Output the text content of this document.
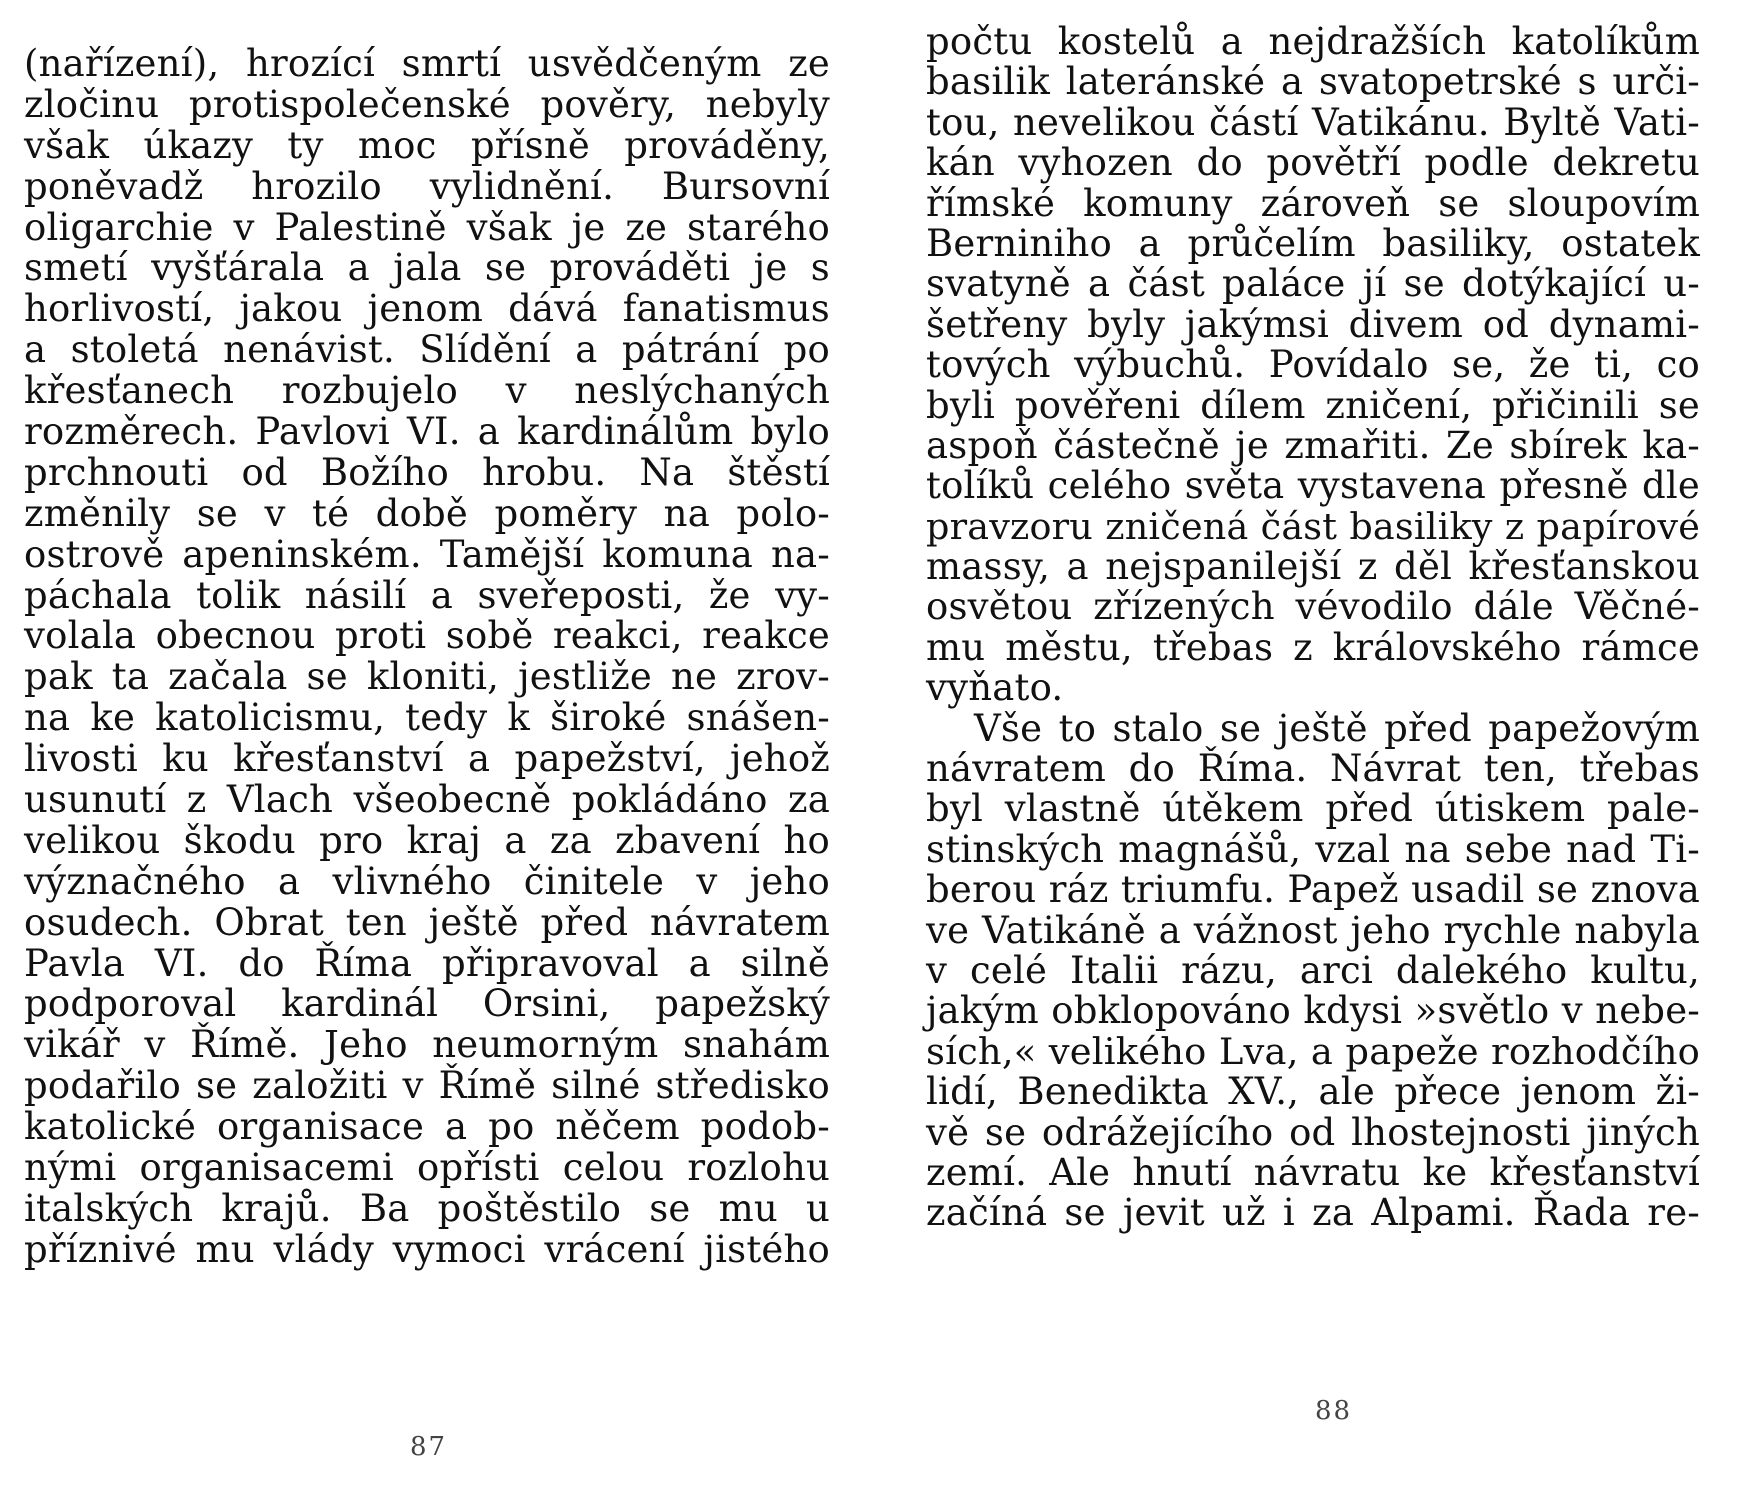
(nařízení), hrozící smrtí usvědčeným ze
zločinu protispolečenské pověry, nebyly
však úkazy ty moc přísně prováděny,
poněvadž hrozilo vylidnění. Bursovní
oligarchie v Palestině však je ze starého
smetí vyšťárala a jala se prováděti je s
horlivostí, jakou jenom dává fanatismus
a stoletá nenávist. Slídění a pátrání po
křesťanech rozbujelo v neslýchaných
rozměrech. Pavlovi VI. a kardinálům bylo
prchnouti od Božího hrobu. Na štěstí
změnily se v té době poměry na polo-
ostrově apeninském. Tamější komuna na-
páchala tolik násilí a sveřeposti, že vy-
volala obecnou proti sobě reakci, reakce
pak ta začala se kloniti, jestliže ne zrov-
na ke katolicismu, tedy k široké snášen-
livosti ku křesťanství a papežství, jehož
usunutí z Vlach všeobecně pokládáno za
velikou škodu pro kraj a za zbavení ho
význačného a vlivného činitele v jeho
osudech. Obrat ten ještě před návratem
Pavla VI. do Říma připravoval a silně
podporoval kardinál Orsini, papežský
vikář v Římě. Jeho neumorným snahám
podařilo se založiti v Římě silné středisko
katolické organisace a po něčem podob-
nými organisacemi opřísti celou rozlohu
italských krajů. Ba poštěstilo se mu u
příznivé mu vlády vymoci vrácení jistého
87
počtu kostelů a nejdražších katolíkům
basilik lateránské a svatopetrské s urči-
tou, nevelikou částí Vatikánu. Byltě Vati-
kán vyhozen do povětří podle dekretu
římské komuny zároveň se sloupovím
Berniniho a průčelím basiliky, ostatek
svatyně a část paláce jí se dotýkající u-
šetřeny byly jakýmsi divem od dynami-
tových výbuchů. Povídalo se, že ti, co
byli pověřeni dílem zničení, přičinili se
aspoň částečně je zmařiti. Ze sbírek ka-
tolíků celého světa vystavena přesně dle
pravzoru zničená část basiliky z papírové
massy, a nejspanilejší z děl křesťanskou
osvětou zřízených vévodilo dále Věčné-
mu městu, třebas z královského rámce
vyňato.
Vše to stalo se ještě před papežovým
návratem do Říma. Návrat ten, třebas
byl vlastně útěkem před útiskem pale-
stinských magnášů, vzal na sebe nad Ti-
berou ráz triumfu. Papež usadil se znova
ve Vatikáně a vážnost jeho rychle nabyla
v celé Italii rázu, arci dalekého kultu,
jakým obklopováno kdysi »světlo v nebe-
sích,« velikého Lva, a papeže rozhodčího
lidí, Benedikta XV., ale přece jenom ži-
vě se odrážejícího od lhostejnosti jiných
zemí. Ale hnutí návratu ke křesťanství
začíná se jevit už i za Alpami. Řada re-
88
